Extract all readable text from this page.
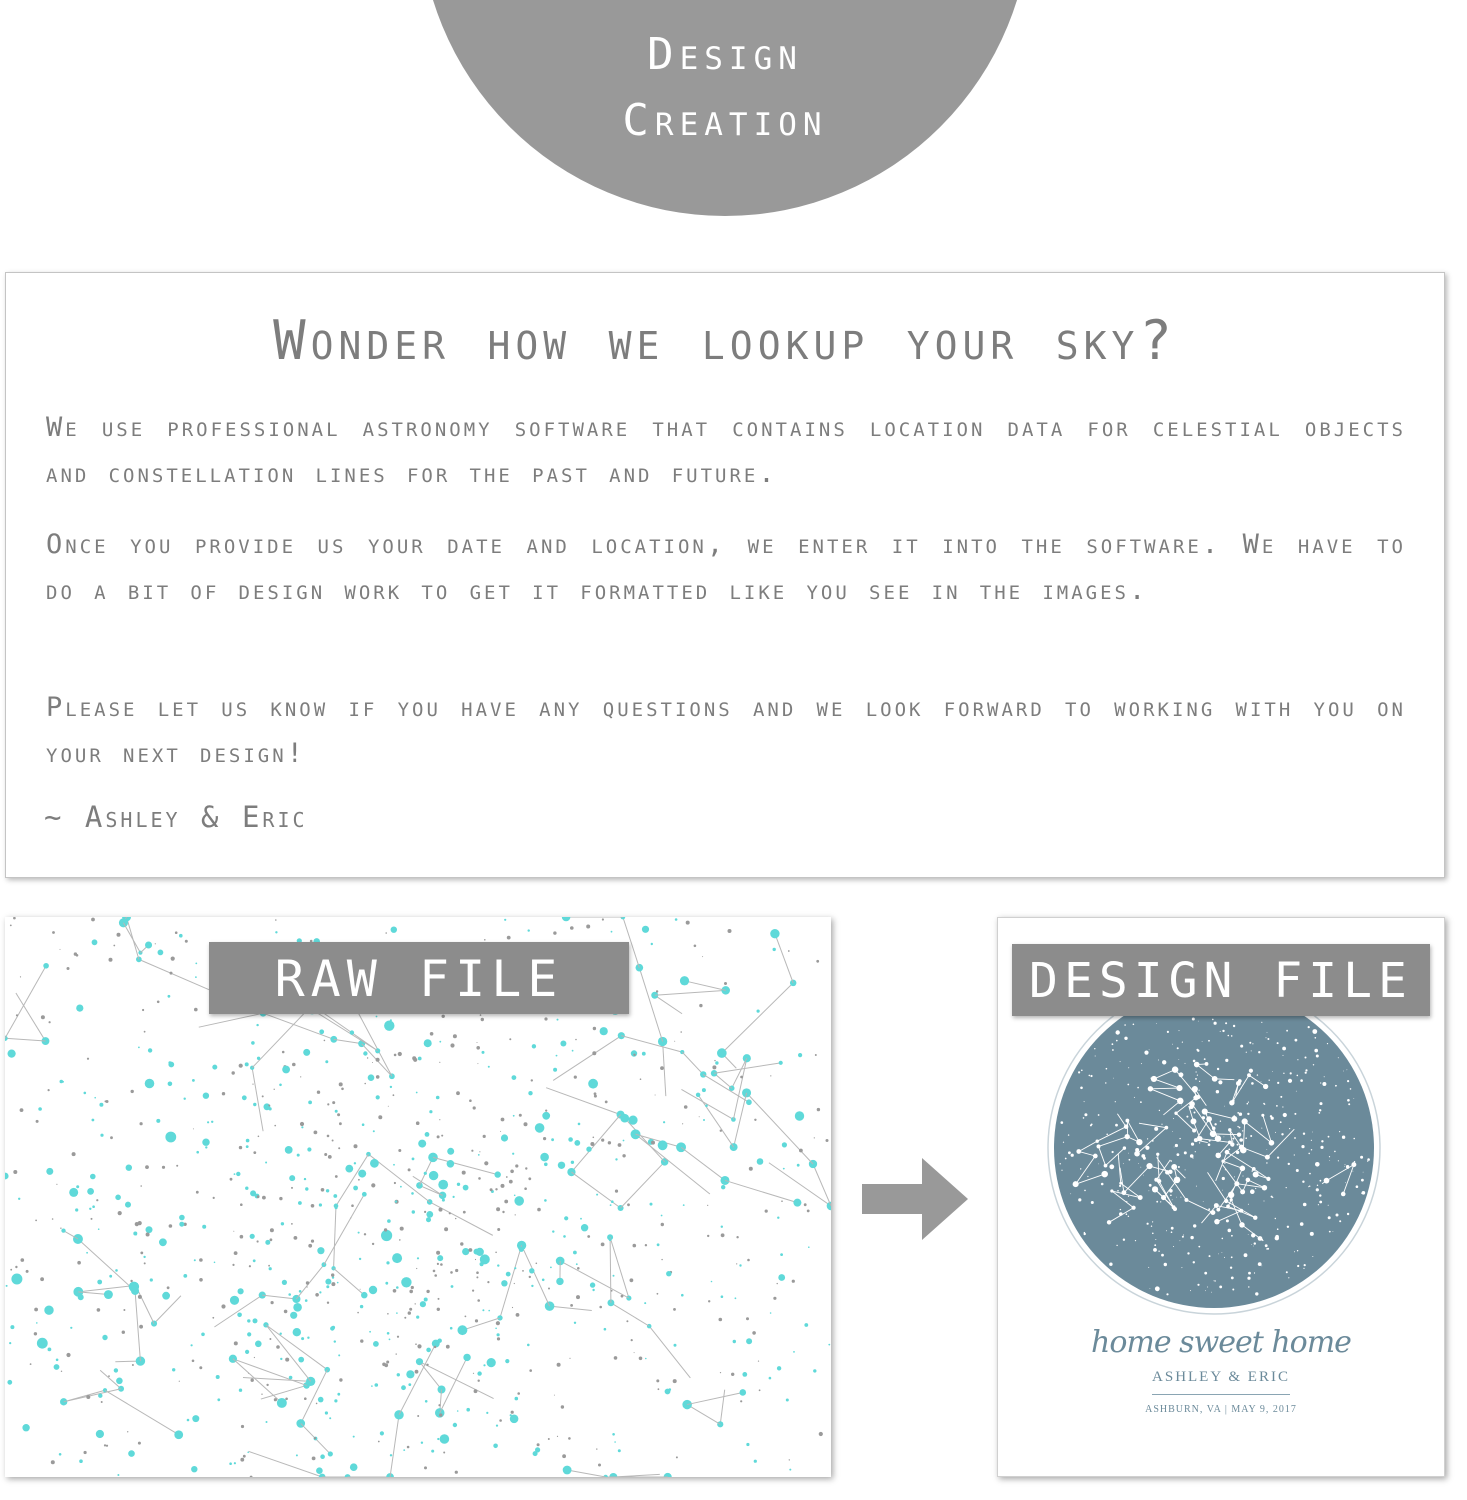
Design
Creation
Wonder how we lookup your sky?

We use professional astronomy software that contains location data for celestial objects and constellation lines for the past and future.

Once you provide us your date and location, we enter it into the software. We have to do a bit of design work to get it formatted like you see in the images.

Please let us know if you have any questions and we look forward to working with you on your next design!

~ Ashley & Eric
RAW FILE	DESIGN FILE
home sweet home
ASHLEY & ERIC
ASHBURN, VA | MAY 9, 2017
